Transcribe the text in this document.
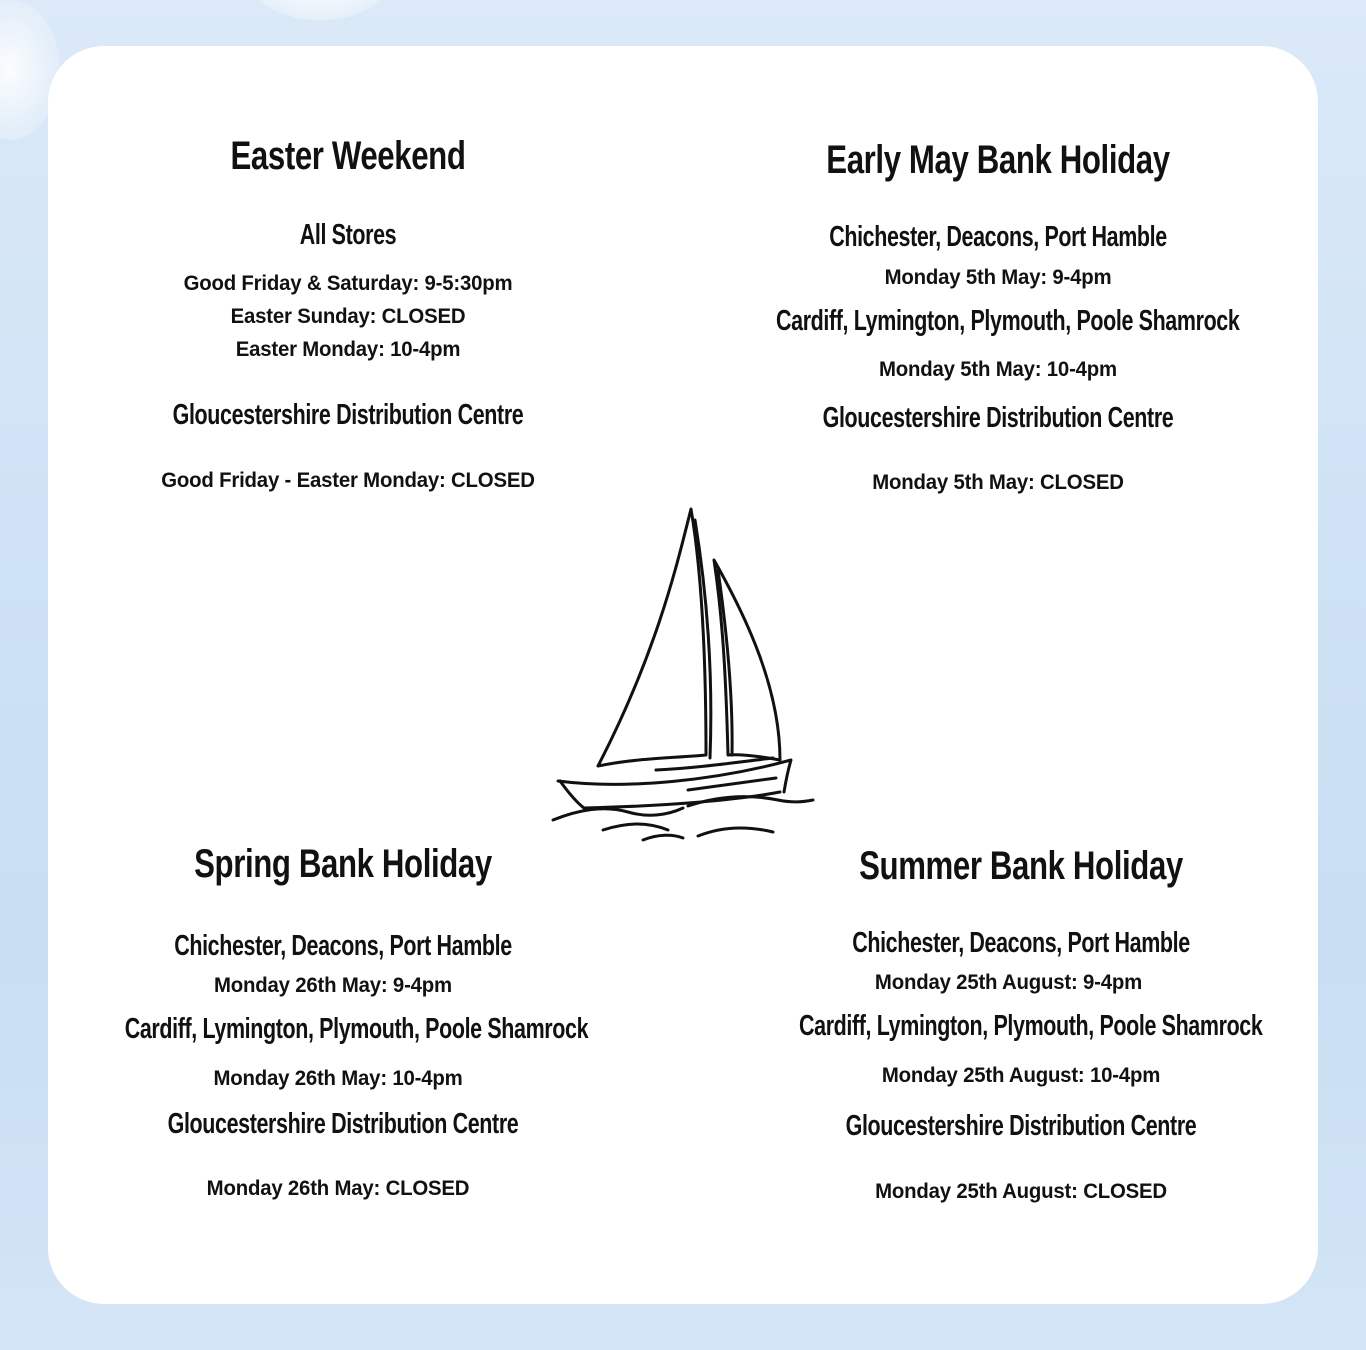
Easter Weekend
All Stores
Good Friday & Saturday: 9-5:30pm
Easter Sunday: CLOSED
Easter Monday: 10-4pm
Gloucestershire Distribution Centre
Good Friday - Easter Monday: CLOSED
Early May Bank Holiday
Chichester, Deacons, Port Hamble
Monday 5th May: 9-4pm
Cardiff, Lymington, Plymouth, Poole Shamrock
Monday 5th May: 10-4pm
Gloucestershire Distribution Centre
Monday 5th May: CLOSED
Spring Bank Holiday
Chichester, Deacons, Port Hamble
Monday 26th May: 9-4pm
Cardiff, Lymington, Plymouth, Poole Shamrock
Monday 26th May: 10-4pm
Gloucestershire Distribution Centre
Monday 26th May: CLOSED
Summer Bank Holiday
Chichester, Deacons, Port Hamble
Monday 25th August: 9-4pm
Cardiff, Lymington, Plymouth, Poole Shamrock
Monday 25th August: 10-4pm
Gloucestershire Distribution Centre
Monday 25th August: CLOSED
